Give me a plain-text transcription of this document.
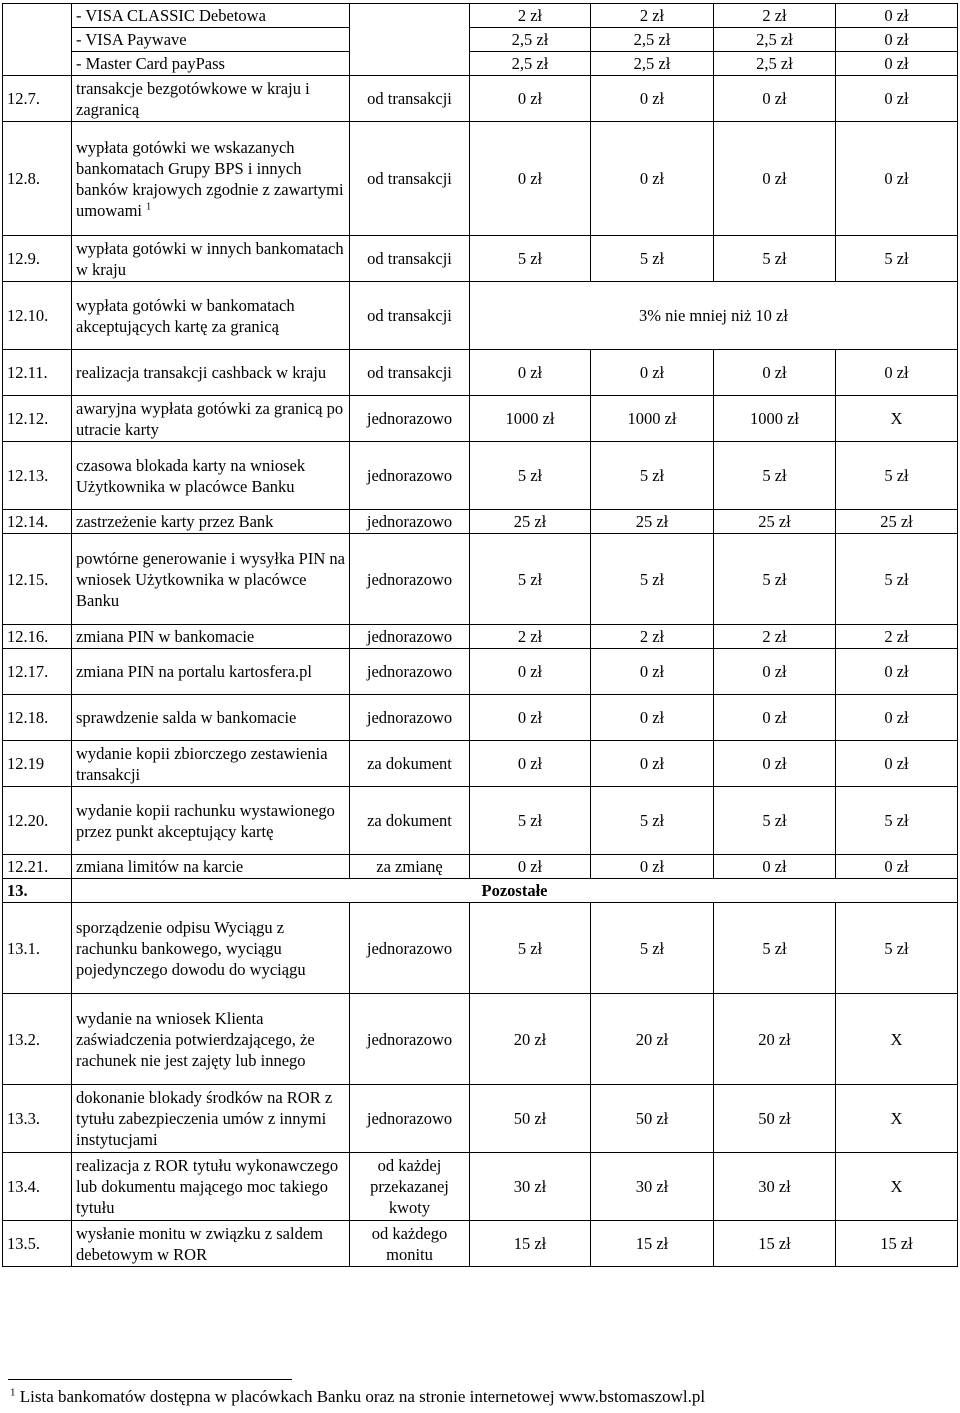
	- VISA CLASSIC Debetowa		2 zł	2 zł	2 zł	0 zł
	- VISA Paywave		2,5 zł	2,5 zł	2,5 zł	0 zł
	- Master Card payPass		2,5 zł	2,5 zł	2,5 zł	0 zł
12.7.	transakcje bezgotówkowe w kraju i zagranicą	od transakcji	0 zł	0 zł	0 zł	0 zł
12.8.	wypłata gotówki we wskazanych bankomatach Grupy BPS i innych banków krajowych zgodnie z zawartymi umowami $^1$	od transakcji	0 zł	0 zł	0 zł	0 zł
12.9.	wypłata gotówki w innych bankomatach w kraju	od transakcji	5 zł	5 zł	5 zł	5 zł
12.10.	wypłata gotówki w bankomatach akceptujących kartę za granicą	od transakcji	3% nie mniej niż 10 zł			
12.11.	realizacja transakcji cashback w kraju	od transakcji	0 zł	0 zł	0 zł	0 zł
12.12.	awaryjna wypłata gotówki za granicą po utracie karty	jednorazowo	1000 zł	1000 zł	1000 zł	X
12.13.	czasowa blokada karty na wniosek Użytkownika w placówce Banku	jednorazowo	5 zł	5 zł	5 zł	5 zł
12.14.	zastrzeżenie karty przez Bank	jednorazowo	25 zł	25 zł	25 zł	25 zł
12.15.	powtórne generowanie i wysyłka PIN na wniosek Użytkownika w placówce Banku	jednorazowo	5 zł	5 zł	5 zł	5 zł
12.16.	zmiana PIN w bankomacie	jednorazowo	2 zł	2 zł	2 zł	2 zł
12.17.	zmiana PIN na portalu kartosfera.pl	jednorazowo	0 zł	0 zł	0 zł	0 zł
12.18.	sprawdzenie salda w bankomacie	jednorazowo	0 zł	0 zł	0 zł	0 zł
12.19	wydanie kopii zbiorczego zestawienia transakcji	za dokument	0 zł	0 zł	0 zł	0 zł
12.20.	wydanie kopii rachunku wystawionego przez punkt akceptujący kartę	za dokument	5 zł	5 zł	5 zł	5 zł
12.21.	zmiana limitów na karcie	za zmianę	0 zł	0 zł	0 zł	0 zł
13.	Pozostałe					
13.1.	sporządzenie odpisu Wyciągu z rachunku bankowego, wyciągu pojedynczego dowodu do wyciągu	jednorazowo	5 zł	5 zł	5 zł	5 zł
13.2.	wydanie na wniosek Klienta zaświadczenia potwierdzającego, że rachunek nie jest zajęty lub innego	jednorazowo	20 zł	20 zł	20 zł	X
13.3.	dokonanie blokady środków na ROR z tytułu zabezpieczenia umów z innymi instytucjami	jednorazowo	50 zł	50 zł	50 zł	X
13.4.	realizacja z ROR tytułu wykonawczego lub dokumentu mającego moc takiego tytułu	od każdej przekazanej kwoty	30 zł	30 zł	30 zł	X
13.5.	wysłanie monitu w związku z saldem debetowym w ROR	od każdego monitu	15 zł	15 zł	15 zł	15 zł
$^1$ Lista bankomatów dostępna w placówkach Banku oraz na stronie internetowej www.bstomaszowl.pl
